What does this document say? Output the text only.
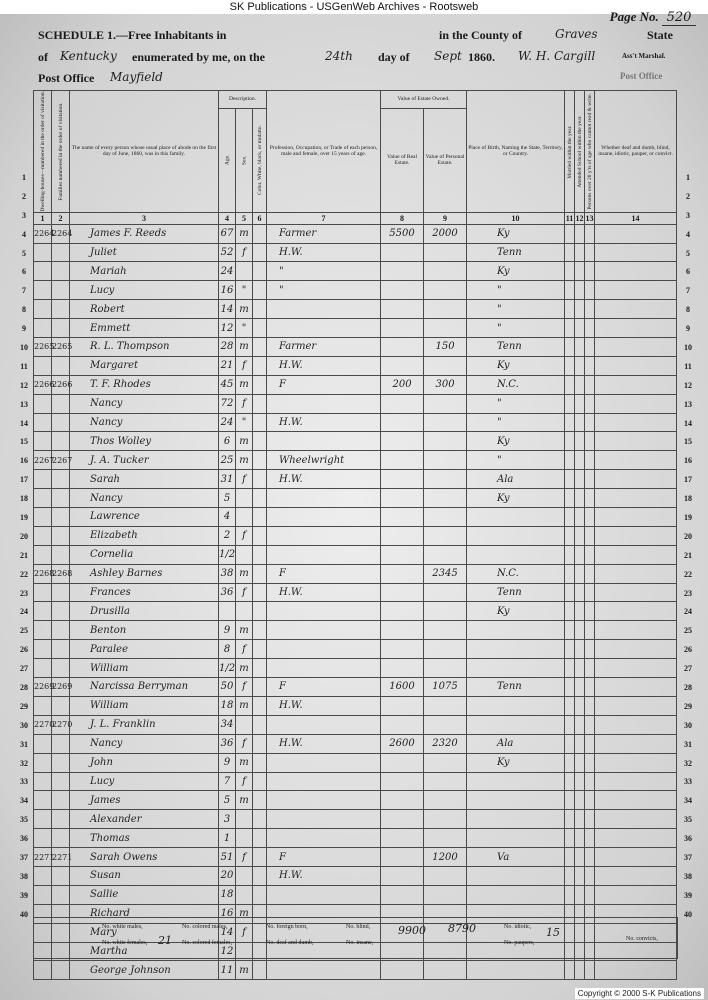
SK Publications - USGenWeb Archives - Rootsweb
Page No. 520
SCHEDULE 1.—Free Inhabitants in	in the County of	Graves	State
of Kentucky enumerated by me, on the	24th day of Sept 1860. W. H. Cargill	Ass't Marshal.
Post Office Mayfield	Post Office
Dwelling-houses—numbered in the order of visitation.	Families numbered in the order of visitation.	The name of every person whose usual place of abode on the first day of June, 1860, was in this family.	Description.			Profession, Occupation, or Trade of each person, male and female, over 15 years of age.	Value of Estate Owned.		Place of Birth, Naming the State, Territory, or Country.	Married within the year.	Attended School within the year.	Persons over 20 y'rs of age who cannot read & write.	Whether deaf and dumb, blind, insane, idiotic, pauper, or convict.
			Age.	Sex.	Color, White, black, or mulatto.		Value of Real Estate.	Value of Personal Estate.					
1	2	3	4	5	6	7	8	9	10	11	12	13	14
2264	2264	James F. Reeds	67	m		Farmer	5500	2000	Ky				
		Juliet	52	f		H.W.			Tenn				
		Mariah	24			"			Ky				
		Lucy	16	"		"			"				
		Robert	14	m					"				
		Emmett	12	"					"				
2265	2265	R. L. Thompson	28	m		Farmer		150	Tenn				
		Margaret	21	f		H.W.			Ky				
2266	2266	T. F. Rhodes	45	m		F	200	300	N.C.				
		Nancy	72	f					"				
		Nancy	24	"		H.W.			"				
		Thos Wolley	6	m					Ky				
2267	2267	J. A. Tucker	25	m		Wheelwright			"				
		Sarah	31	f		H.W.			Ala				
		Nancy	5						Ky				
		Lawrence	4										
		Elizabeth	2	f									
		Cornelia	1/2										
2268	2268	Ashley Barnes	38	m		F		2345	N.C.				
		Frances	36	f		H.W.			Tenn				
		Drusilla							Ky				
		Benton	9	m									
		Paralee	8	f									
		William	1/2	m									
2269	2269	Narcissa Berryman	50	f		F	1600	1075	Tenn				
		William	18	m		H.W.							
2270	2270	J. L. Franklin	34										
		Nancy	36	f		H.W.	2600	2320	Ala				
		John	9	m					Ky				
		Lucy	7	f									
		James	5	m									
		Alexander	3										
		Thomas	1										
2271	2271	Sarah Owens	51	f		F		1200	Va				
		Susan	20			H.W.							
		Sallie	18										
		Richard	16	m									
		Mary	14	f									
		Martha	12										
		George Johnson	11	m									
1
2
3
4
5
6
7
8
9
10
11
12
13
14
15
16
17
18
19
20
21
22
23
24
25
26
27
28
29
30
31
32
33
34
35
36
37
38
39
40
1
2
3
4
5
6
7
8
9
10
11
12
13
14
15
16
17
18
19
20
21
22
23
24
25
26
27
28
29
30
31
32
33
34
35
36
37
38
39
40
No. white males,	No. colored males,	No. foreign born,	No. blind,	9900 8790	No. idiotic, 15
No. white females, 21 No. colored females,	No. deaf and dumb,	No. insane,	No. paupers,
No. convicts,
Copyright © 2000 S-K Publications
